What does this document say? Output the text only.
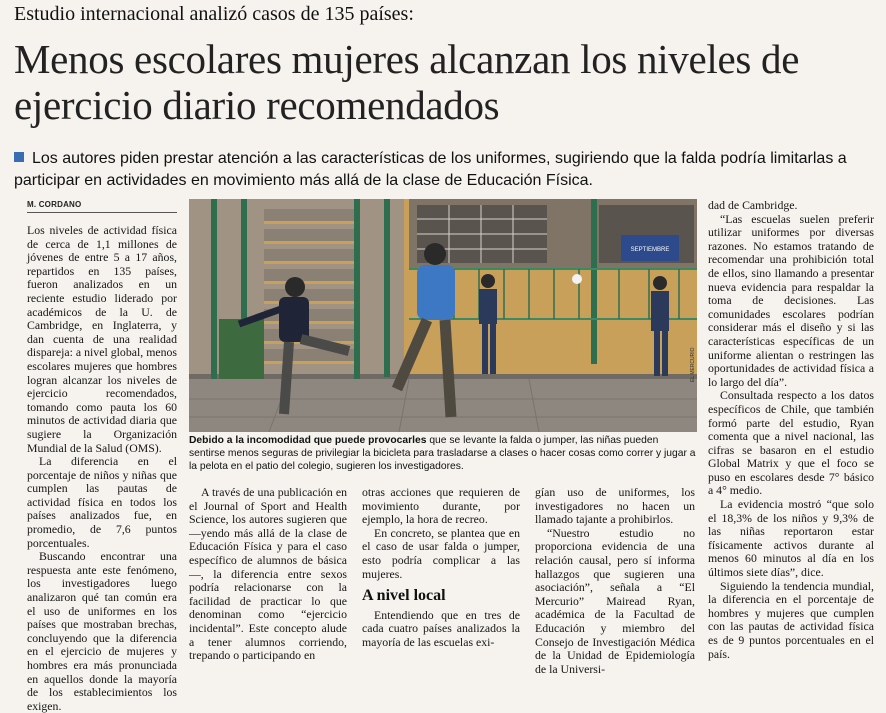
Estudio internacional analizó casos de 135 países:
Menos escolares mujeres alcanzan los niveles de ejercicio diario recomendados
Los autores piden prestar atención a las características de los uniformes, sugiriendo que la falda podría limitarlas a participar en actividades en movimiento más allá de la clase de Educación Física.
M. CORDANO

Los niveles de actividad física de cerca de 1,1 millones de jóvenes de entre 5 a 17 años, repartidos en 135 países, fueron analizados en un reciente estudio liderado por académicos de la U. de Cambridge, en Inglaterra, y dan cuenta de una realidad dispareja: a nivel global, menos escolares mujeres que hombres logran alcanzar los niveles de ejercicio recomendados, tomando como pauta los 60 minutos de actividad diaria que sugiere la Organización Mundial de la Salud (OMS).

La diferencia en el porcentaje de niños y niñas que cumplen las pautas de actividad física en todos los países analizados fue, en promedio, de 7,6 puntos porcentuales.

Buscando encontrar una respuesta ante este fenómeno, los investigadores luego analizaron qué tan común era el uso de uniformes en los países que mostraban brechas, concluyendo que la diferencia en el ejercicio de mujeres y hombres era más pronunciada en aquellos donde la mayoría de los establecimientos los exigen.

SEPTIEMBRE
EL MERCURIO
Debido a la incomodidad que puede provocarles que se levante la falda o jumper, las niñas pueden sentirse menos seguras de privilegiar la bicicleta para trasladarse a clases o hacer cosas como correr y jugar a la pelota en el patio del colegio, sugieren los investigadores.

A través de una publicación en el Journal of Sport and Health Science, los autores sugieren que —yendo más allá de la clase de Educación Física y para el caso específico de alumnos de básica—, la diferencia entre sexos podría relacionarse con la facilidad de practicar lo que denominan como “ejercicio incidental”. Este concepto alude a tener alumnos corriendo, trepando o participando en

otras acciones que requieren de movimiento durante, por ejemplo, la hora de recreo.

En concreto, se plantea que en el caso de usar falda o jumper, esto podría complicar a las mujeres.

A nivel local

Entendiendo que en tres de cada cuatro países analizados la mayoría de las escuelas exi-

gían uso de uniformes, los investigadores no hacen un llamado tajante a prohibirlos.

“Nuestro estudio no proporciona evidencia de una relación causal, pero sí informa hallazgos que sugieren una asociación”, señala a “El Mercurio” Mairead Ryan, académica de la Facultad de Educación y miembro del Consejo de Investigación Médica de la Unidad de Epidemiología de la Universi-

dad de Cambridge.

“Las escuelas suelen preferir utilizar uniformes por diversas razones. No estamos tratando de recomendar una prohibición total de ellos, sino llamando a presentar nueva evidencia para respaldar la toma de decisiones. Las comunidades escolares podrían considerar más el diseño y si las características específicas de un uniforme alientan o restringen las oportunidades de actividad física a lo largo del día”.

Consultada respecto a los datos específicos de Chile, que también formó parte del estudio, Ryan comenta que a nivel nacional, las cifras se basaron en el estudio Global Matrix y que el foco se puso en escolares desde 7° básico a 4° medio.

La evidencia mostró “que solo el 18,3% de los niños y 9,3% de las niñas reportaron estar físicamente activos durante al menos 60 minutos al día en los últimos siete días”, dice.

Siguiendo la tendencia mundial, la diferencia en el porcentaje de hombres y mujeres que cumplen con las pautas de actividad física es de 9 puntos porcentuales en el país.
